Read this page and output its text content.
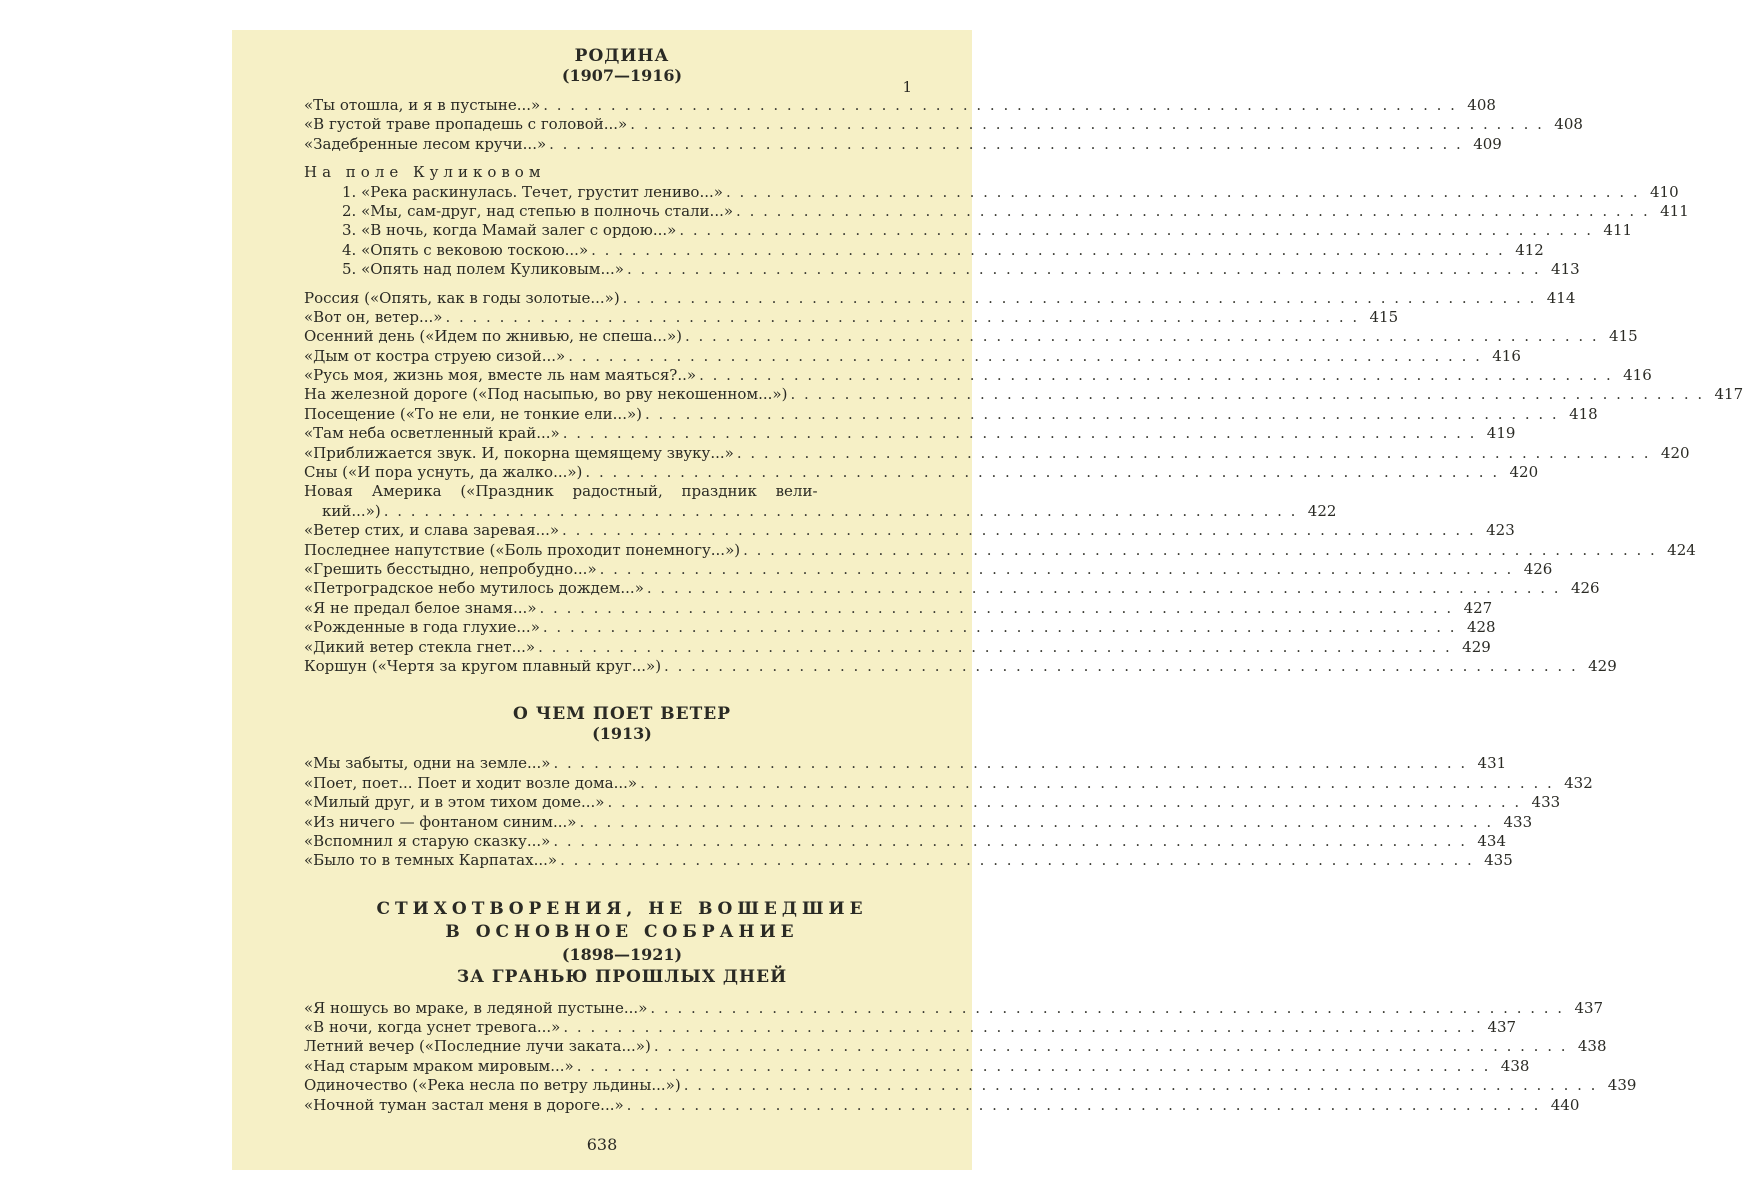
1
РОДИНА
(1907—1916)
«Ты отошла, и я в пустыне...» . . .	408
«В густой траве пропадешь с головой...» . . .	408
«Задебренные лесом кручи...» . . .	409
На поле Куликовом
1. «Река раскинулась. Течет, грустит лениво...» . . .	410
2. «Мы, сам-друг, над степью в полночь стали...» . . .	411
3. «В ночь, когда Мамай залег с ордою...» . . .	411
4. «Опять с вековою тоскою...» . . .	412
5. «Опять над полем Куликовым...» . . .	413
Россия («Опять, как в годы золотые...») . . .	414
«Вот он, ветер...» . . .	415
Осенний день («Идем по жнивью, не спеша...») . . .	415
«Дым от костра струею сизой...» . . .	416
«Русь моя, жизнь моя, вместе ль нам маяться?..» . . .	416
На железной дороге («Под насыпью, во рву некошенном...») . . .	417
Посещение («То не ели, не тонкие ели...») . . .	418
«Там неба осветленный край...» . . .	419
«Приближается звук. И, покорна щемящему звуку...» . . .	420
Сны («И пора уснуть, да жалко...») . . .	420
Новая Америка («Праздник радостный, праздник вели-
кий...») . . .	422
«Ветер стих, и слава заревая...» . . .	423
Последнее напутствие («Боль проходит понемногу...») . . .	424
«Грешить бесстыдно, непробудно...» . . .	426
«Петроградское небо мутилось дождем...» . . .	426
«Я не предал белое знамя...» . . .	427
«Рожденные в года глухие...» . . .	428
«Дикий ветер стекла гнет...» . . .	429
Коршун («Чертя за кругом плавный круг...») . . .	429
О ЧЕМ ПОЕТ ВЕТЕР
(1913)
«Мы забыты, одни на земле...» . . .	431
«Поет, поет... Поет и ходит возле дома...» . . .	432
«Милый друг, и в этом тихом доме...» . . .	433
«Из ничего — фонтаном синим...» . . .	433
«Вспомнил я старую сказку...» . . .	434
«Было то в темных Карпатах...» . . .	435
СТИХОТВОРЕНИЯ, НЕ ВОШЕДШИЕ
В ОСНОВНОЕ СОБРАНИЕ
(1898—1921)
ЗА ГРАНЬЮ ПРОШЛЫХ ДНЕЙ
«Я ношусь во мраке, в ледяной пустыне...» . . .	437
«В ночи, когда уснет тревога...» . . .	437
Летний вечер («Последние лучи заката...») . . .	438
«Над старым мраком мировым...» . . .	438
Одиночество («Река несла по ветру льдины...») . . .	439
«Ночной туман застал меня в дороге...» . . .	440
638
